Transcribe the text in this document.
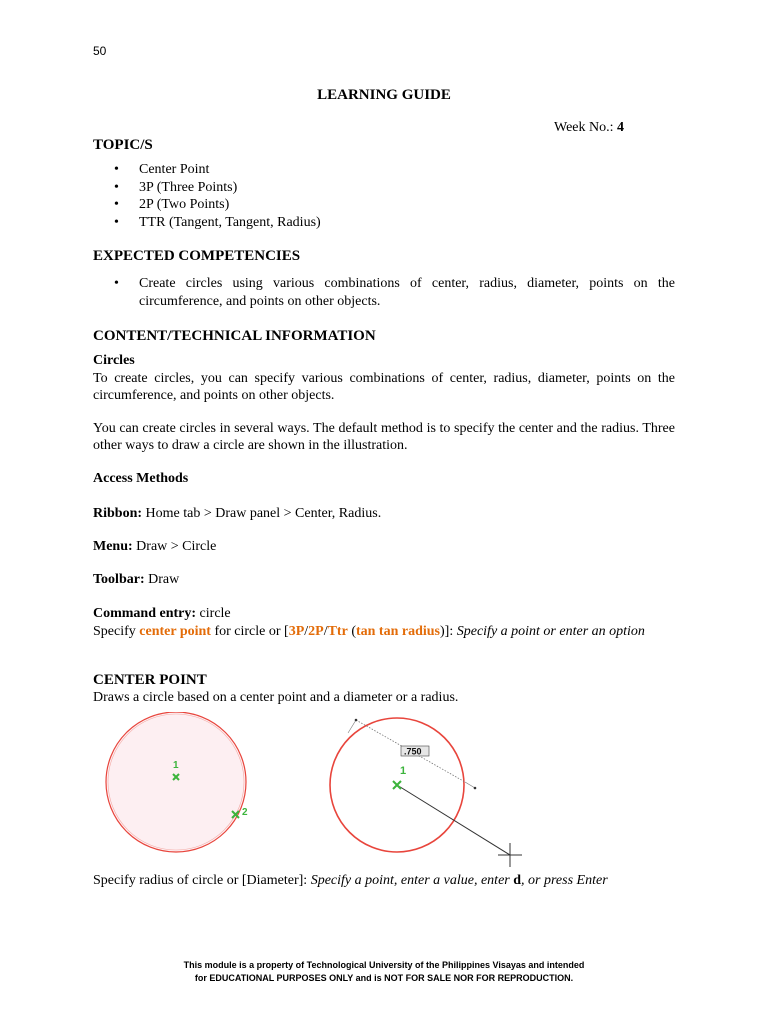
50
LEARNING GUIDE
Week No.: 4
TOPIC/S
• Center Point
• 3P (Three Points)
• 2P (Two Points)
• TTR (Tangent, Tangent, Radius)
EXPECTED COMPETENCIES
• Create circles using various combinations of center, radius, diameter, points on the circumference, and points on other objects.
CONTENT/TECHNICAL INFORMATION
Circles
To create circles, you can specify various combinations of center, radius, diameter, points on the circumference, and points on other objects.
You can create circles in several ways. The default method is to specify the center and the radius. Three other ways to draw a circle are shown in the illustration.
Access Methods
Ribbon: Home tab > Draw panel > Center, Radius.
Menu: Draw > Circle
Toolbar: Draw
Command entry: circle
Specify center point for circle or [3P/2P/Ttr (tan tan radius)]: Specify a point or enter an option
CENTER POINT
Draws a circle based on a center point and a diameter or a radius.
1
2
.750
1
Specify radius of circle or [Diameter]: Specify a point, enter a value, enter d, or press Enter
This module is a property of Technological University of the Philippines Visayas and intended
for EDUCATIONAL PURPOSES ONLY and is NOT FOR SALE NOR FOR REPRODUCTION.
